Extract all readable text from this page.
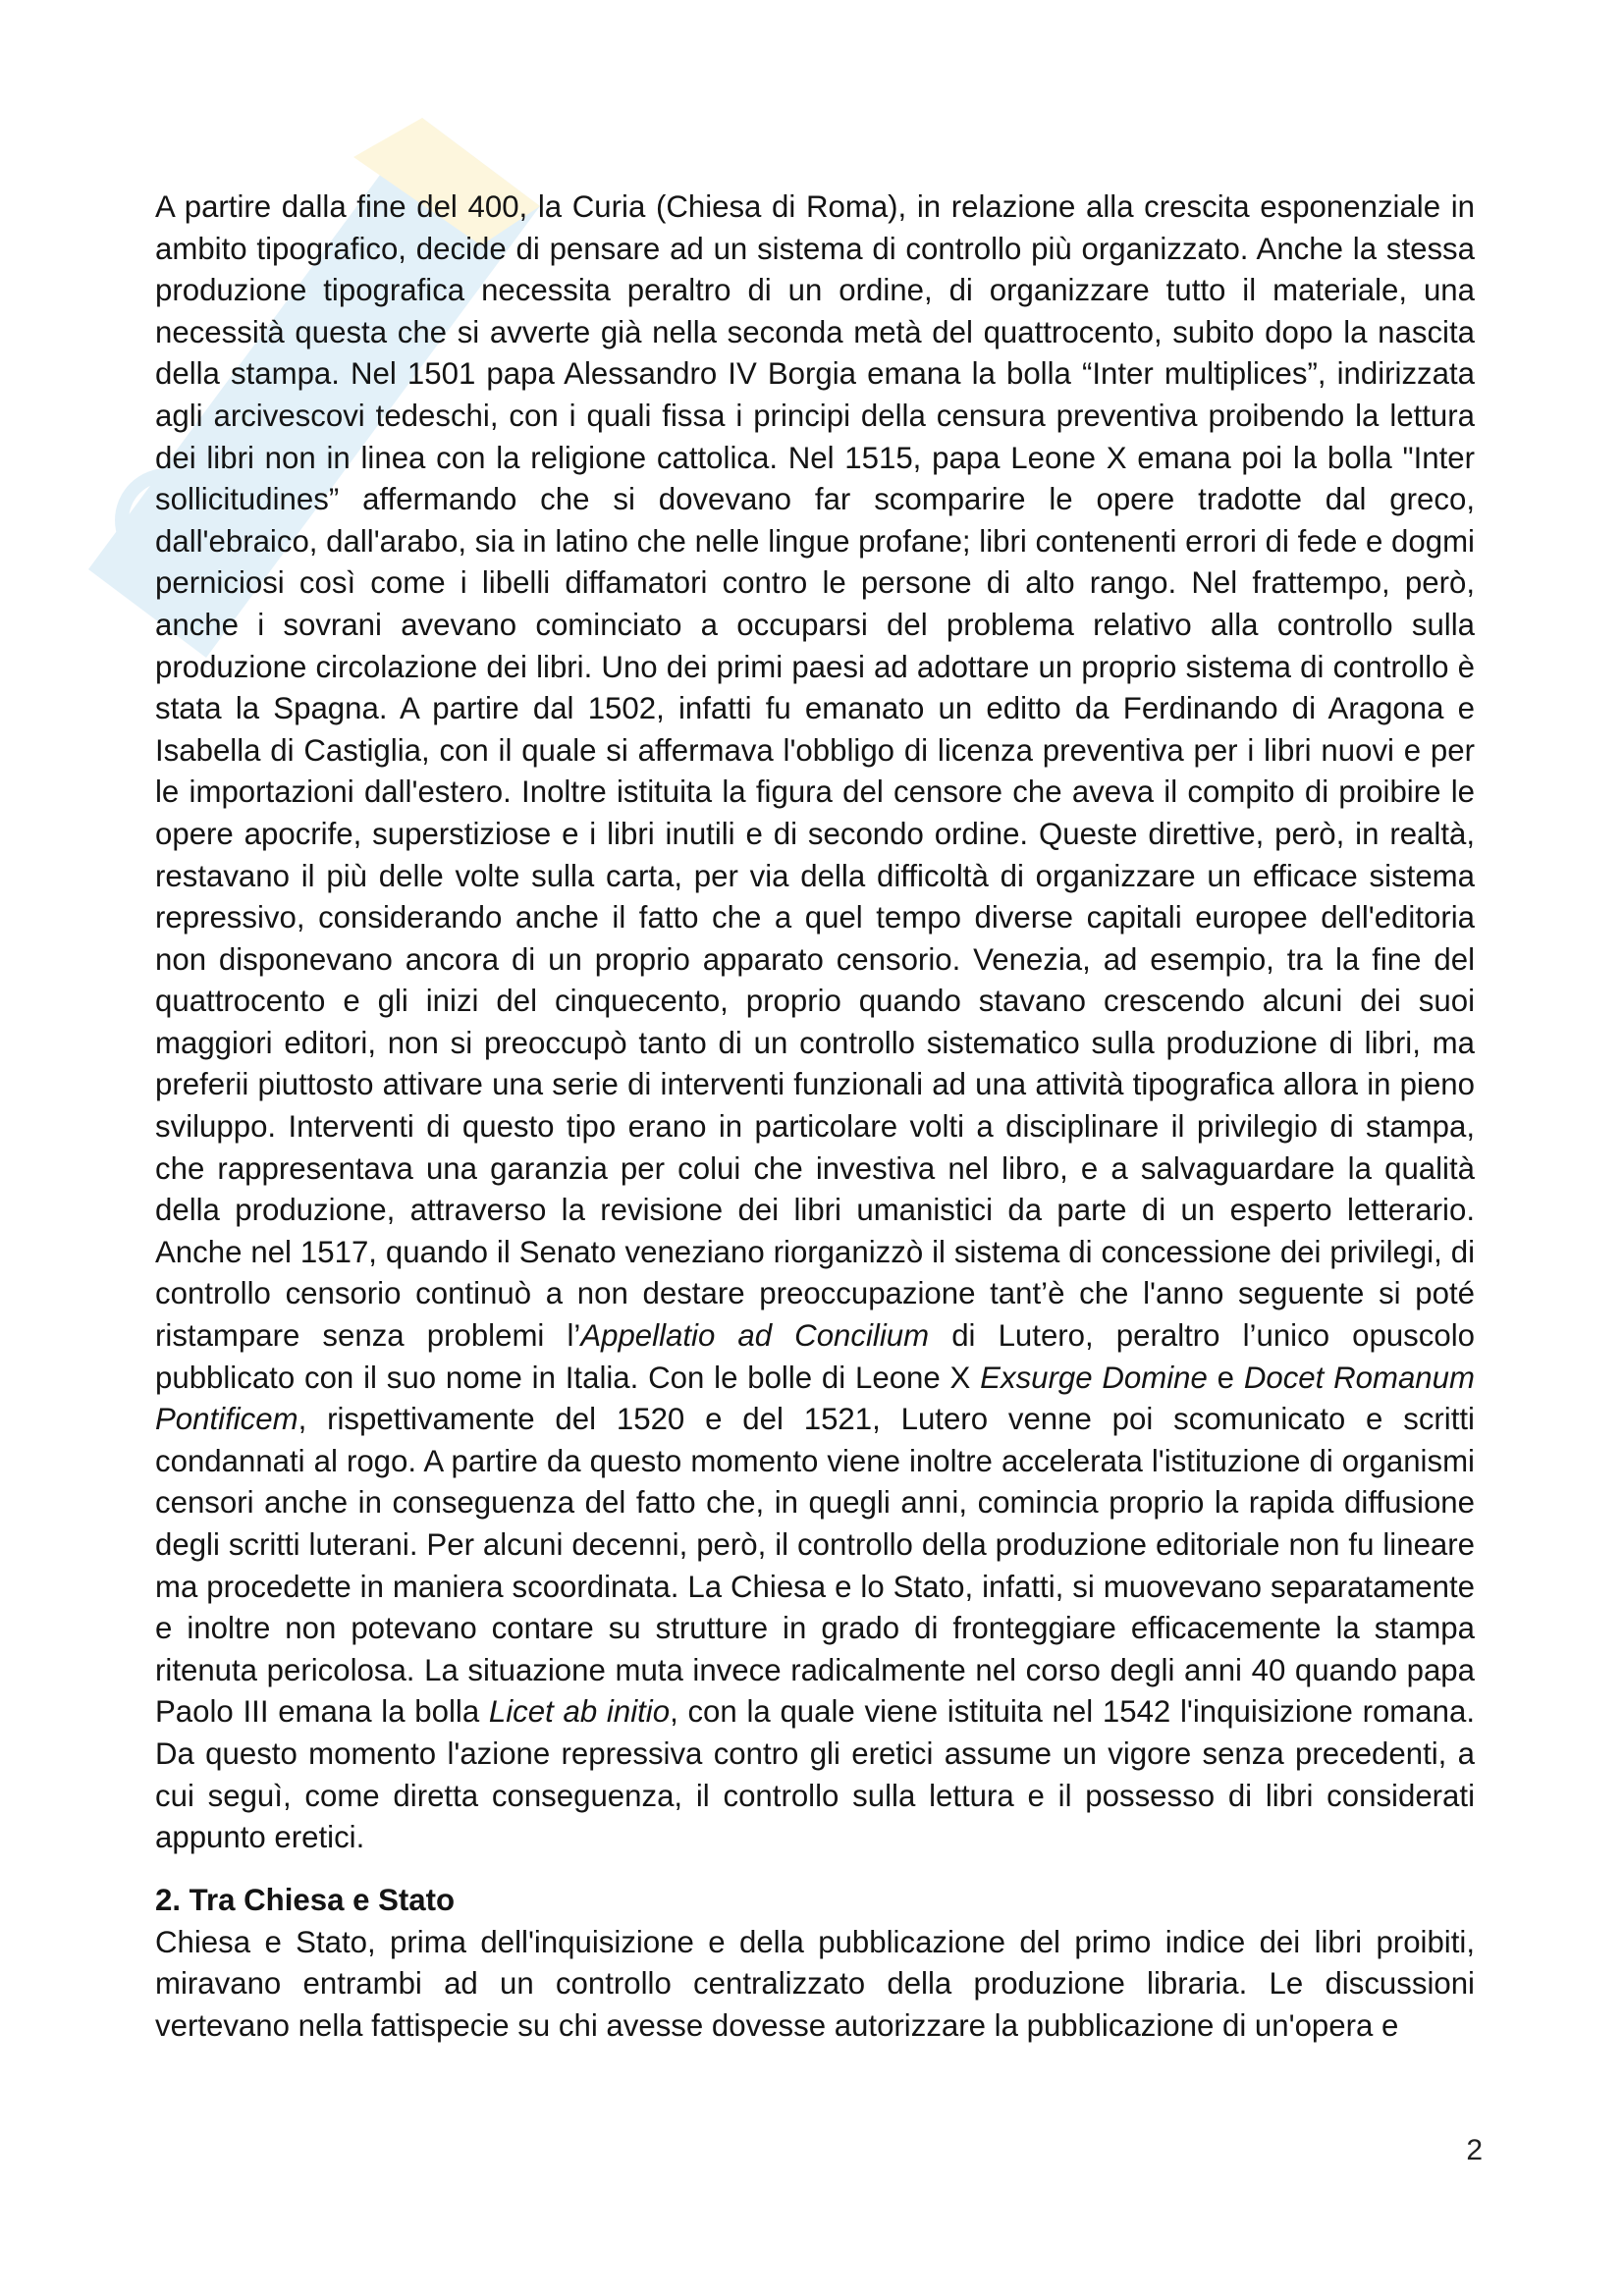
A partire dalla fine del 400, la Curia (Chiesa di Roma), in relazione alla crescita esponenziale in ambito tipografico, decide di pensare ad un sistema di controllo più organizzato. Anche la stessa produzione tipografica necessita peraltro di un ordine, di organizzare tutto il materiale, una necessità questa che si avverte già nella seconda metà del quattrocento, subito dopo la nascita della stampa. Nel 1501 papa Alessandro IV Borgia emana la bolla “Inter multiplices”, indirizzata agli arcivescovi tedeschi, con i quali fissa i principi della censura preventiva proibendo la lettura dei libri non in linea con la religione cattolica. Nel 1515, papa Leone X emana poi la bolla "Inter sollicitudines” affermando che si dovevano far scomparire le opere tradotte dal greco, dall'ebraico, dall'arabo, sia in latino che nelle lingue profane; libri contenenti errori di fede e dogmi perniciosi così come i libelli diffamatori contro le persone di alto rango. Nel frattempo, però, anche i sovrani avevano cominciato a occuparsi del problema relativo alla controllo sulla produzione circolazione dei libri. Uno dei primi paesi ad adottare un proprio sistema di controllo è stata la Spagna. A partire dal 1502, infatti fu emanato un editto da Ferdinando di Aragona e Isabella di Castiglia, con il quale si affermava l'obbligo di licenza preventiva per i libri nuovi e per le importazioni dall'estero. Inoltre istituita la figura del censore che aveva il compito di proibire le opere apocrife, superstiziose e i libri inutili e di secondo ordine. Queste direttive, però, in realtà, restavano il più delle volte sulla carta, per via della difficoltà di organizzare un efficace sistema repressivo, considerando anche il fatto che a quel tempo diverse capitali europee dell'editoria non disponevano ancora di un proprio apparato censorio. Venezia, ad esempio, tra la fine del quattrocento e gli inizi del cinquecento, proprio quando stavano crescendo alcuni dei suoi maggiori editori, non si preoccupò tanto di un controllo sistematico sulla produzione di libri, ma preferii piuttosto attivare una serie di interventi funzionali ad una attività tipografica allora in pieno sviluppo. Interventi di questo tipo erano in particolare volti a disciplinare il privilegio di stampa, che rappresentava una garanzia per colui che investiva nel libro, e a salvaguardare la qualità della produzione, attraverso la revisione dei libri umanistici da parte di un esperto letterario. Anche nel 1517, quando il Senato veneziano riorganizzò il sistema di concessione dei privilegi, di controllo censorio continuò a non destare preoccupazione tant’è che l'anno seguente si poté ristampare senza problemi l’Appellatio ad Concilium di Lutero, peraltro l’unico opuscolo pubblicato con il suo nome in Italia. Con le bolle di Leone X Exsurge Domine e Docet Romanum Pontificem, rispettivamente del 1520 e del 1521, Lutero venne poi scomunicato e scritti condannati al rogo. A partire da questo momento viene inoltre accelerata l'istituzione di organismi censori anche in conseguenza del fatto che, in quegli anni, comincia proprio la rapida diffusione degli scritti luterani. Per alcuni decenni, però, il controllo della produzione editoriale non fu lineare ma procedette in maniera scoordinata. La Chiesa e lo Stato, infatti, si muovevano separatamente e inoltre non potevano contare su strutture in grado di fronteggiare efficacemente la stampa ritenuta pericolosa. La situazione muta invece radicalmente nel corso degli anni 40 quando papa Paolo III emana la bolla Licet ab initio, con la quale viene istituita nel 1542 l'inquisizione romana. Da questo momento l'azione repressiva contro gli eretici assume un vigore senza precedenti, a cui seguì, come diretta conseguenza, il controllo sulla lettura e il possesso di libri considerati appunto eretici.

2. Tra Chiesa e Stato

Chiesa e Stato, prima dell'inquisizione e della pubblicazione del primo indice dei libri proibiti, miravano entrambi ad un controllo centralizzato della produzione libraria. Le discussioni vertevano nella fattispecie su chi avesse dovesse autorizzare la pubblicazione di un'opera e

2
